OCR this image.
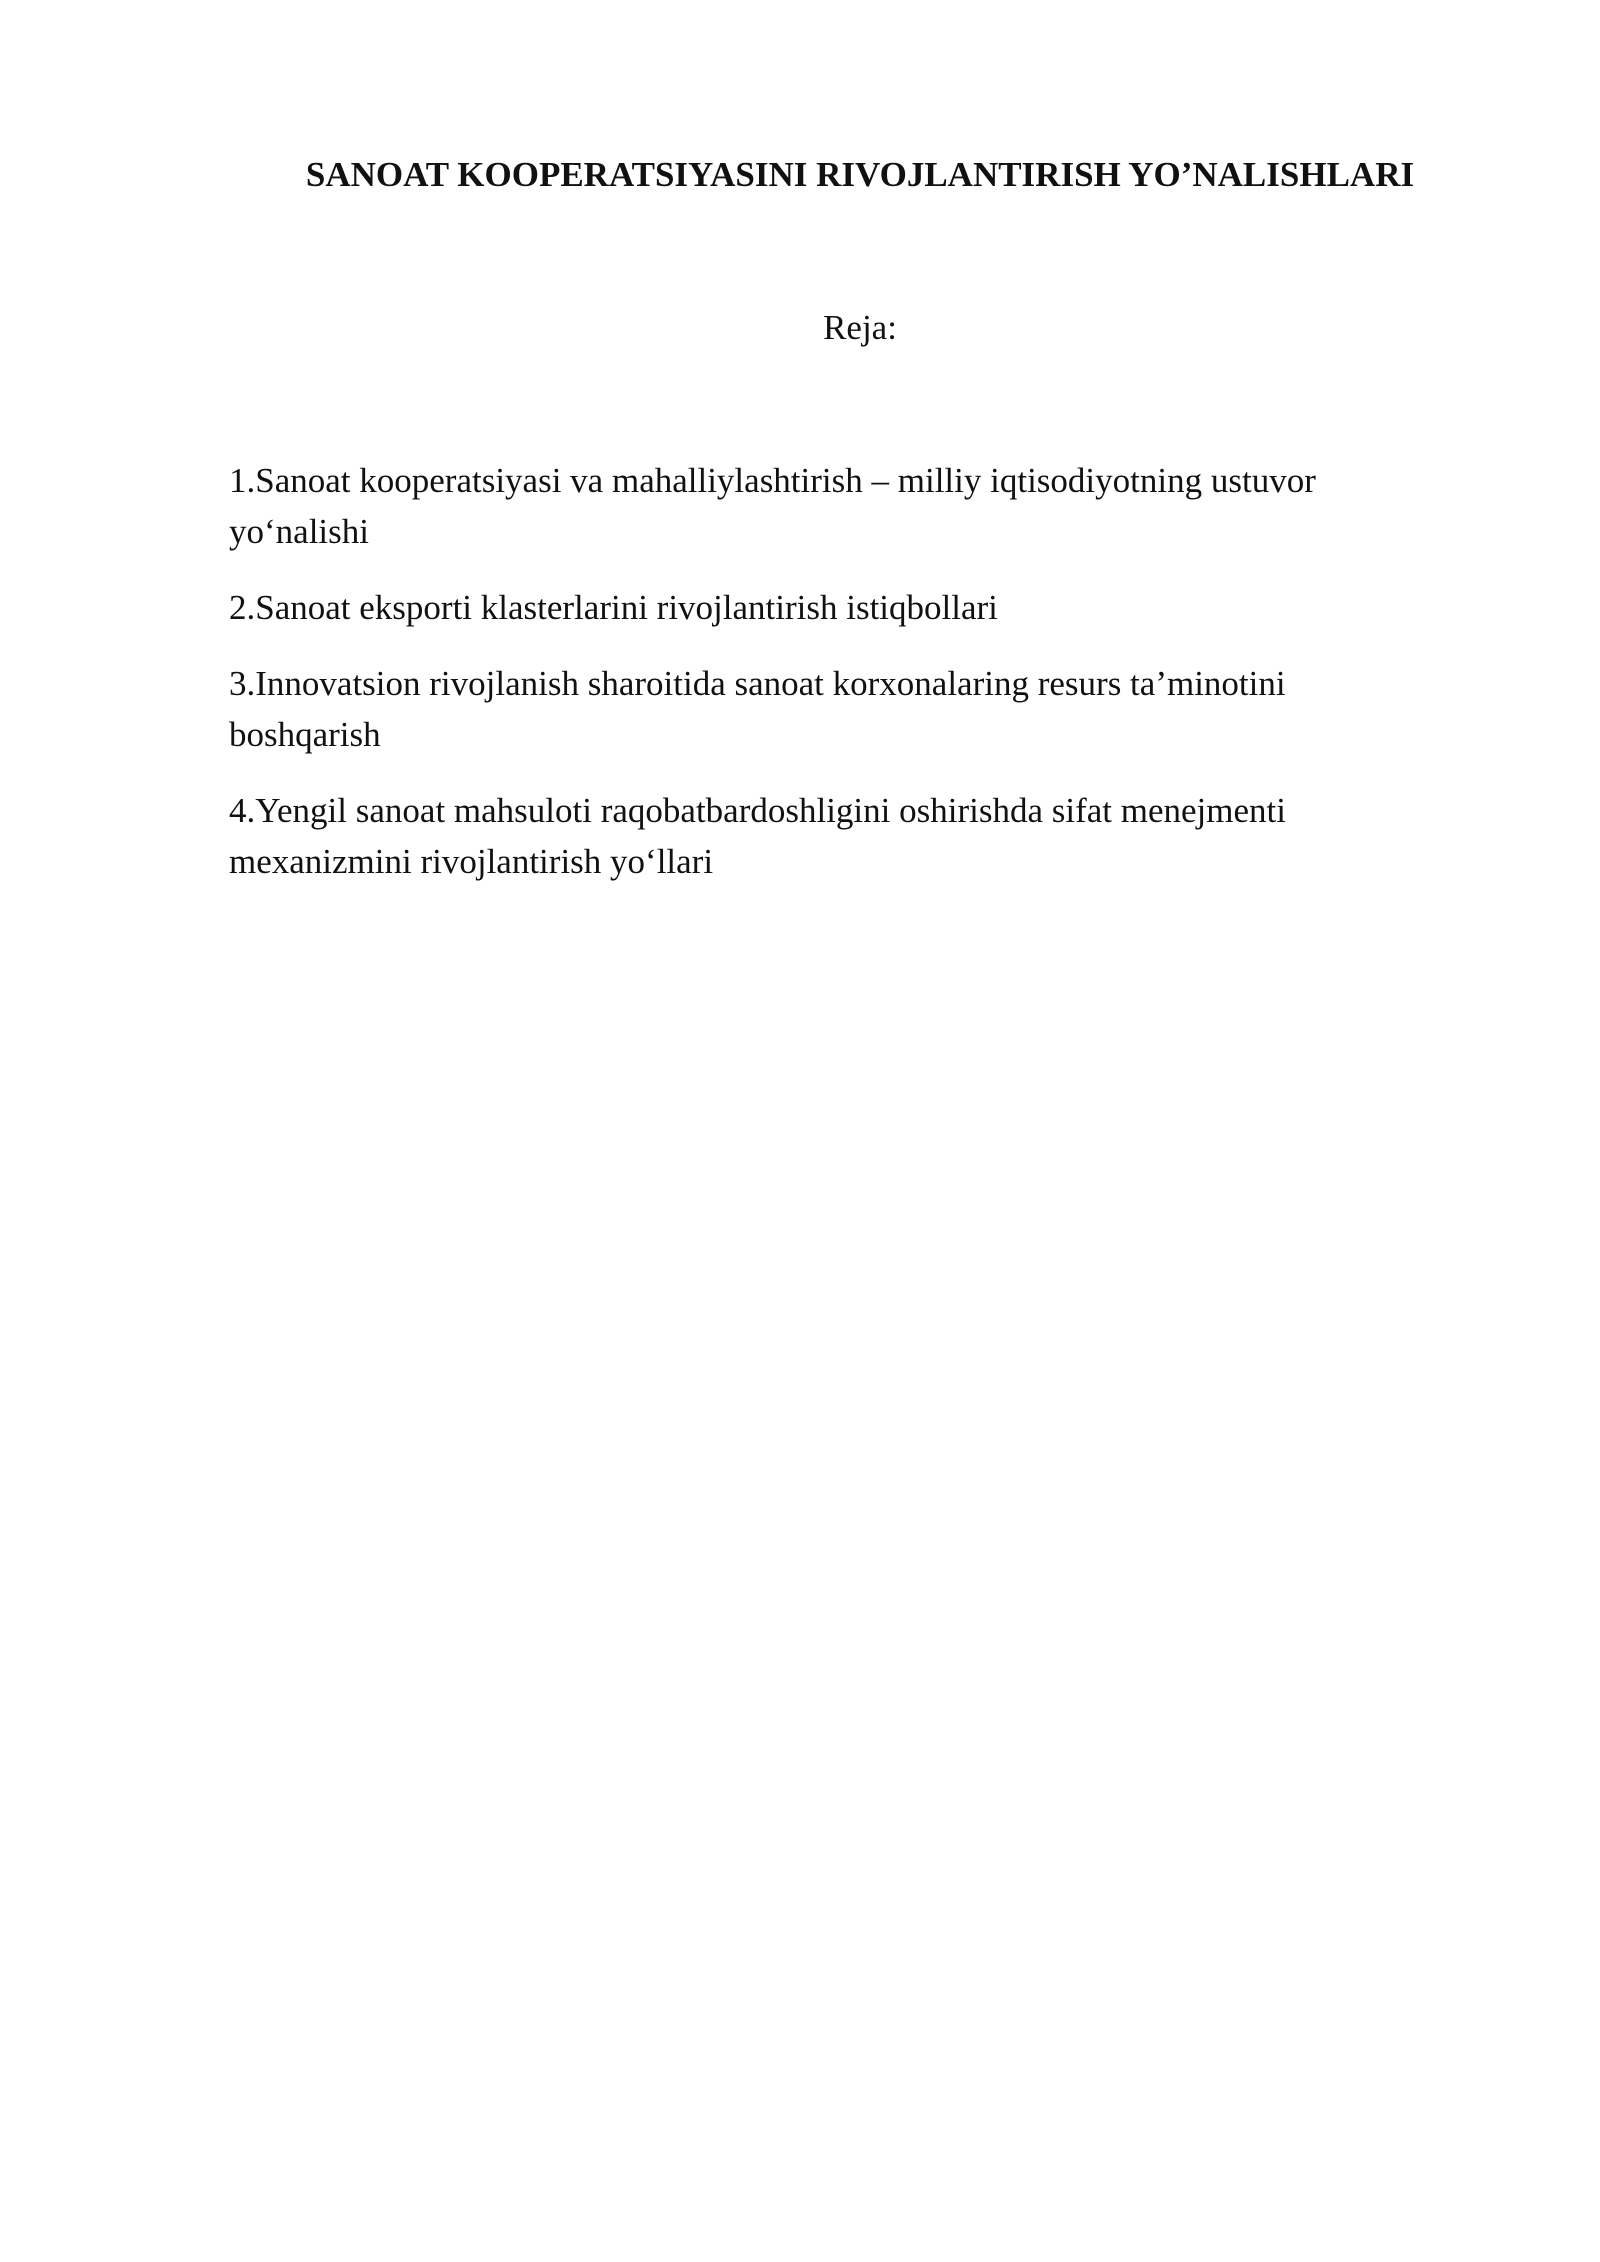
SANOAT KOOPERATSIYASINI RIVOJLANTIRISH YO’NALISHLARI

Reja:

1.Sanoat kooperatsiyasi va mahalliylashtirish – milliy iqtisodiyotning ustuvor yo‘nalishi
2.Sanoat eksporti klasterlarini rivojlantirish istiqbollari
3.Innovatsion rivojlanish sharoitida sanoat korxonalaring resurs ta’minotini boshqarish
4.Yengil sanoat mahsuloti raqobatbardoshligini oshirishda sifat menejmenti mexanizmini rivojlantirish yo‘llari
